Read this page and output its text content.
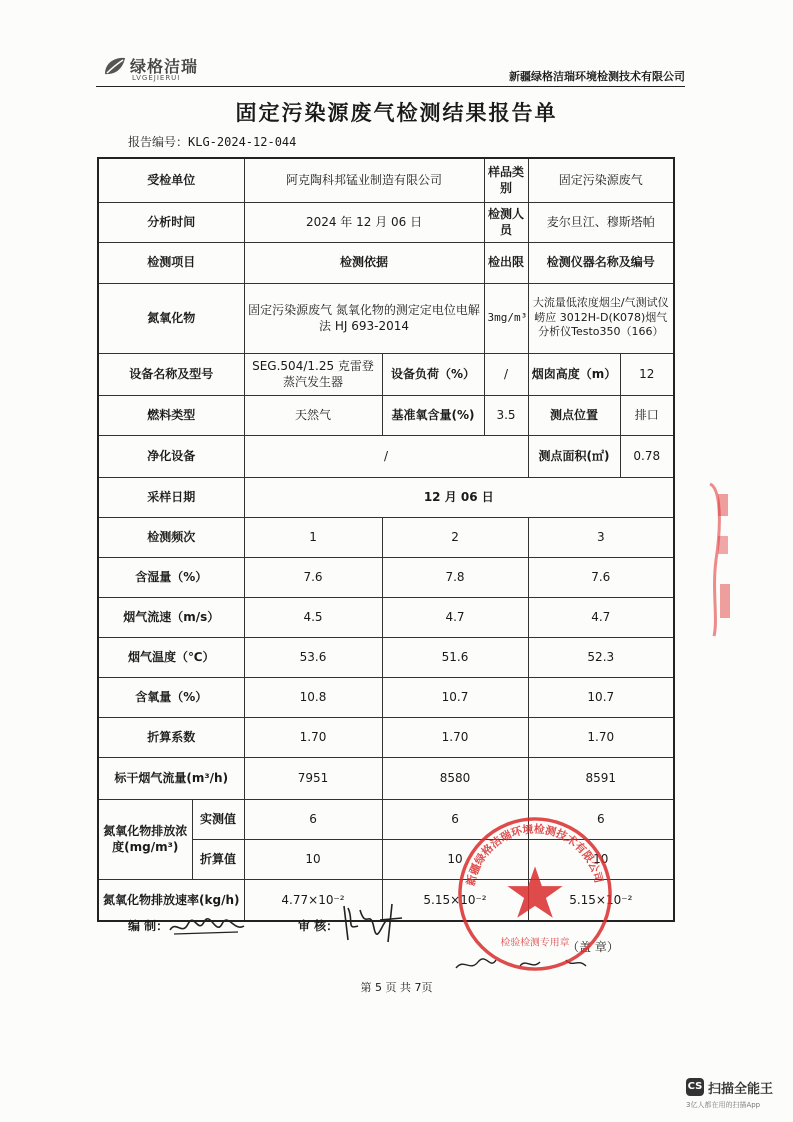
绿格洁瑞
LVGEJIERUI	新疆绿格洁瑞环境检测技术有限公司
固定污染源废气检测结果报告单
报告编号：KLG-2024-12-044
受检单位		阿克陶科邦锰业制造有限公司		样品类别	固定污染源废气	
分析时间		2024 年 12 月 06 日		检测人员	麦尔旦江、穆斯塔帕	
检测项目		检测依据		检出限	检测仪器名称及编号	
氮氧化物		固定污染源废气 氮氧化物的测定定电位电解法 HJ 693-2014		3mg/m³	大流量低浓度烟尘/气测试仪崂应 3012H-D(K078)烟气分析仪Testo350（166）	
设备名称及型号		SEG.504/1.25 克雷登蒸汽发生器	设备负荷（%）	/	烟囱高度（m）	12
燃料类型		天然气	基准氧含量(%)	3.5	测点位置	排口
净化设备		/			测点面积(㎡)	0.78
采样日期		12 月 06 日				
检测频次		1	2		3	
含湿量（%）		7.6	7.8		7.6	
烟气流速（m/s）		4.5	4.7		4.7	
烟气温度（℃）		53.6	51.6		52.3	
含氧量（%）		10.8	10.7		10.7	
折算系数		1.70	1.70		1.70	
标干烟气流量(m³/h)		7951	8580		8591	
氮氧化物排放浓度(mg/m³)	实测值	6	6		6	
	折算值	10	10		10	
氮氧化物排放速率(kg/h)		4.77×10⁻²	5.15×10⁻²		5.15×10⁻²	
编 制：	审 核：
（盖 章）
新疆绿格洁瑞环境检测技术有限公司
检验检测专用章
第 5 页 共 7页
CS 扫描全能王
3亿人都在用的扫描App
